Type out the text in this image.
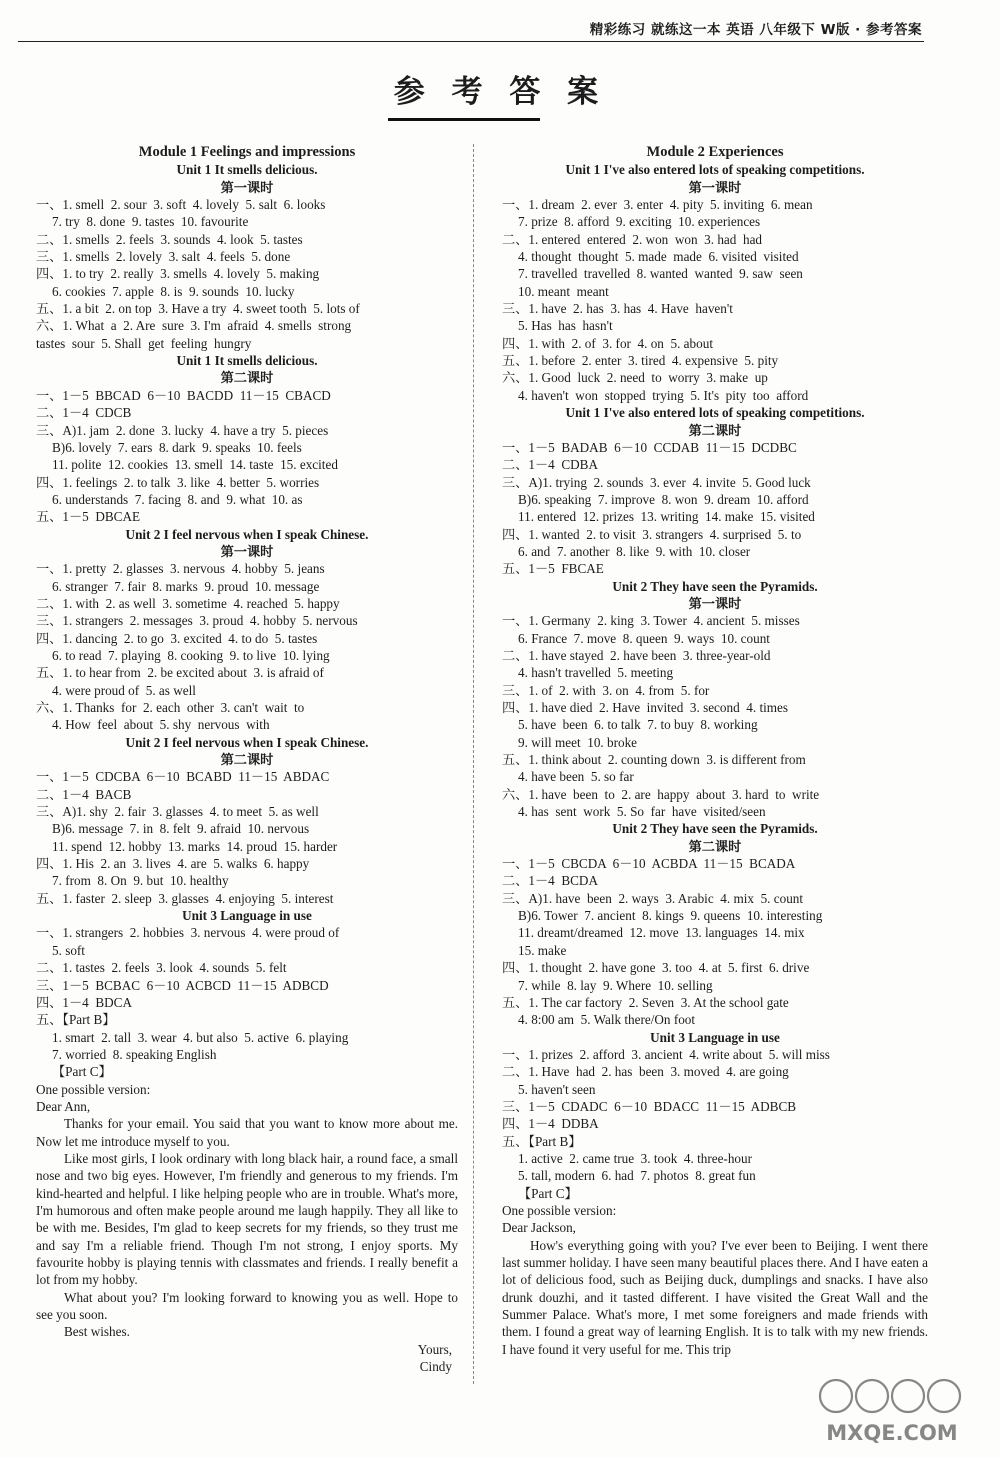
精彩练习 就练这一本 英语 八年级下 W版 · 参考答案
参 考 答 案
Module 1 Feelings and impressions
Unit 1 It smells delicious.
第一课时
一、1. smell  2. sour  3. soft  4. lovely  5. salt  6. looks
7. try  8. done  9. tastes  10. favourite
二、1. smells  2. feels  3. sounds  4. look  5. tastes
三、1. smells  2. lovely  3. salt  4. feels  5. done
四、1. to try  2. really  3. smells  4. lovely  5. making
6. cookies  7. apple  8. is  9. sounds  10. lucky
五、1. a bit  2. on top  3. Have a try  4. sweet tooth  5. lots of
六、1. What  a  2. Are  sure  3. I'm  afraid  4. smells  strong
tastes  sour  5. Shall  get  feeling  hungry
Unit 1 It smells delicious.
第二课时
一、1－5  BBCAD  6－10  BACDD  11－15  CBACD
二、1－4  CDCB
三、A)1. jam  2. done  3. lucky  4. have a try  5. pieces
B)6. lovely  7. ears  8. dark  9. speaks  10. feels
11. polite  12. cookies  13. smell  14. taste  15. excited
四、1. feelings  2. to talk  3. like  4. better  5. worries
6. understands  7. facing  8. and  9. what  10. as
五、1－5  DBCAE
Unit 2 I feel nervous when I speak Chinese.
第一课时
一、1. pretty  2. glasses  3. nervous  4. hobby  5. jeans
6. stranger  7. fair  8. marks  9. proud  10. message
二、1. with  2. as well  3. sometime  4. reached  5. happy
三、1. strangers  2. messages  3. proud  4. hobby  5. nervous
四、1. dancing  2. to go  3. excited  4. to do  5. tastes
6. to read  7. playing  8. cooking  9. to live  10. lying
五、1. to hear from  2. be excited about  3. is afraid of
4. were proud of  5. as well
六、1. Thanks  for  2. each  other  3. can't  wait  to
4. How  feel  about  5. shy  nervous  with
Unit 2 I feel nervous when I speak Chinese.
第二课时
一、1－5  CDCBA  6－10  BCABD  11－15  ABDAC
二、1－4  BACB
三、A)1. shy  2. fair  3. glasses  4. to meet  5. as well
B)6. message  7. in  8. felt  9. afraid  10. nervous
11. spend  12. hobby  13. marks  14. proud  15. harder
四、1. His  2. an  3. lives  4. are  5. walks  6. happy
7. from  8. On  9. but  10. healthy
五、1. faster  2. sleep  3. glasses  4. enjoying  5. interest
Unit 3 Language in use
一、1. strangers  2. hobbies  3. nervous  4. were proud of
5. soft
二、1. tastes  2. feels  3. look  4. sounds  5. felt
三、1－5  BCBAC  6－10  ACBCD  11－15  ADBCD
四、1－4  BDCA
五、【Part B】
1. smart  2. tall  3. wear  4. but also  5. active  6. playing
7. worried  8. speaking English
【Part C】
One possible version:
Dear Ann,
Thanks for your email. You said that you want to know more about me. Now let me introduce myself to you.
Like most girls, I look ordinary with long black hair, a round face, a small nose and two big eyes. However, I'm friendly and generous to my friends. I'm kind-hearted and helpful. I like helping people who are in trouble. What's more, I'm humorous and often make people around me laugh happily. They all like to be with me. Besides, I'm glad to keep secrets for my friends, so they trust me and say I'm a reliable friend. Though I'm not strong, I enjoy sports. My favourite hobby is playing tennis with classmates and friends. I really benefit a lot from my hobby.
What about you? I'm looking forward to knowing you as well. Hope to see you soon.
Best wishes.
Yours,
Cindy
Module 2 Experiences
Unit 1 I've also entered lots of speaking competitions.
第一课时
一、1. dream  2. ever  3. enter  4. pity  5. inviting  6. mean
7. prize  8. afford  9. exciting  10. experiences
二、1. entered  entered  2. won  won  3. had  had
4. thought  thought  5. made  made  6. visited  visited
7. travelled  travelled  8. wanted  wanted  9. saw  seen
10. meant  meant
三、1. have  2. has  3. has  4. Have  haven't
5. Has  has  hasn't
四、1. with  2. of  3. for  4. on  5. about
五、1. before  2. enter  3. tired  4. expensive  5. pity
六、1. Good  luck  2. need  to  worry  3. make  up
4. haven't  won  stopped  trying  5. It's  pity  too  afford
Unit 1 I've also entered lots of speaking competitions.
第二课时
一、1－5  BADAB  6－10  CCDAB  11－15  DCDBC
二、1－4  CDBA
三、A)1. trying  2. sounds  3. ever  4. invite  5. Good luck
B)6. speaking  7. improve  8. won  9. dream  10. afford
11. entered  12. prizes  13. writing  14. make  15. visited
四、1. wanted  2. to visit  3. strangers  4. surprised  5. to
6. and  7. another  8. like  9. with  10. closer
五、1－5  FBCAE
Unit 2 They have seen the Pyramids.
第一课时
一、1. Germany  2. king  3. Tower  4. ancient  5. misses
6. France  7. move  8. queen  9. ways  10. count
二、1. have stayed  2. have been  3. three-year-old
4. hasn't travelled  5. meeting
三、1. of  2. with  3. on  4. from  5. for
四、1. have died  2. Have  invited  3. second  4. times
5. have  been  6. to talk  7. to buy  8. working
9. will meet  10. broke
五、1. think about  2. counting down  3. is different from
4. have been  5. so far
六、1. have  been  to  2. are  happy  about  3. hard  to  write
4. has  sent  work  5. So  far  have  visited/seen
Unit 2 They have seen the Pyramids.
第二课时
一、1－5  CBCDA  6－10  ACBDA  11－15  BCADA
二、1－4  BCDA
三、A)1. have  been  2. ways  3. Arabic  4. mix  5. count
B)6. Tower  7. ancient  8. kings  9. queens  10. interesting
11. dreamt/dreamed  12. move  13. languages  14. mix
15. make
四、1. thought  2. have gone  3. too  4. at  5. first  6. drive
7. while  8. lay  9. Where  10. selling
五、1. The car factory  2. Seven  3. At the school gate
4. 8:00 am  5. Walk there/On foot
Unit 3 Language in use
一、1. prizes  2. afford  3. ancient  4. write about  5. will miss
二、1. Have  had  2. has  been  3. moved  4. are going
5. haven't seen
三、1－5  CDADC  6－10  BDACC  11－15  ADBCB
四、1－4  DDBA
五、【Part B】
1. active  2. came true  3. took  4. three-hour
5. tall, modern  6. had  7. photos  8. great fun
【Part C】
One possible version:
Dear Jackson,
How's everything going with you? I've ever been to Beijing. I went there last summer holiday. I have seen many beautiful places there. And I have eaten a lot of delicious food, such as Beijing duck, dumplings and snacks. I have also drunk douzhi, and it tasted different. I have visited the Great Wall and the Summer Palace. What's more, I met some foreigners and made friends with them. I found a great way of learning English. It is to talk with my new friends. I have found it very useful for me. This trip
MXQE.COM
